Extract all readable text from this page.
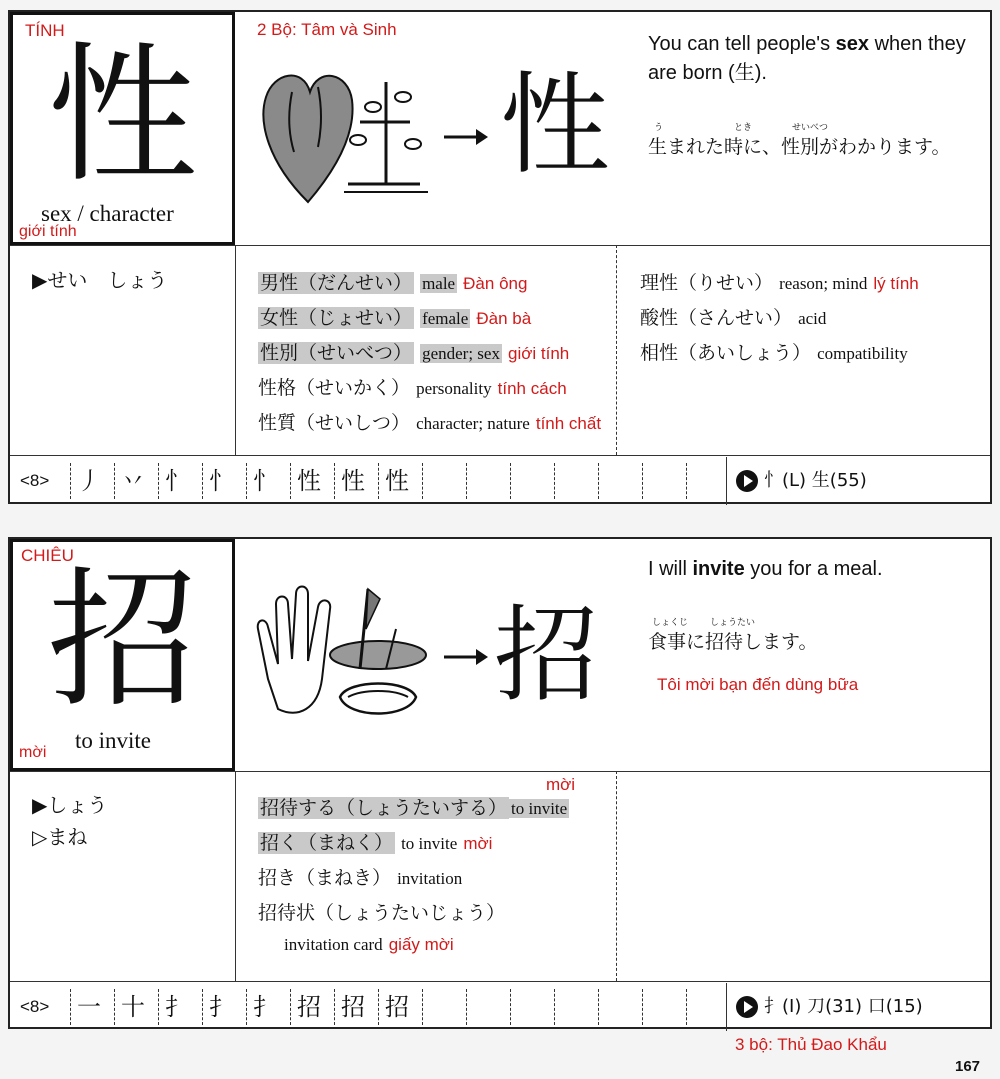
TÍNH
性
sex / character
giới tính
2 Bộ: Tâm và Sinh
性
You can tell people's sex when they are born (生).
う	とき	せいべつ
生まれた時に、性別がわかります。
▶せい　しょう	男性（だんせい） male Đàn ông
女性（じょせい） female Đàn bà
性別（せいべつ） gender; sex giới tính
性格（せいかく） personality tính cách
性質（せいしつ） character; nature tính chất
理性（りせい） reason; mind lý tính
酸性（さんせい） acid
相性（あいしょう） compatibility
<8> 丿 丷 忄 忄 忄 性 性 性	忄(L) 生(55)
CHIÊU
招
to invite
mời
招
I will invite you for a meal.
しょくじ しょうたい
食事に招待します。
Tôi mời bạn đến dùng bữa
▶しょう
▷まね
招待する（しょうたいする） to invite
mời
招く（まねく） to invite mời
招き（まねき） invitation
招待状（しょうたいじょう）
invitation card giấy mời
<8> 一 十 扌 扌 扌 招 招 招	扌(I) 刀(31) 口(15)
3 bộ: Thủ Đao Khẩu
167
